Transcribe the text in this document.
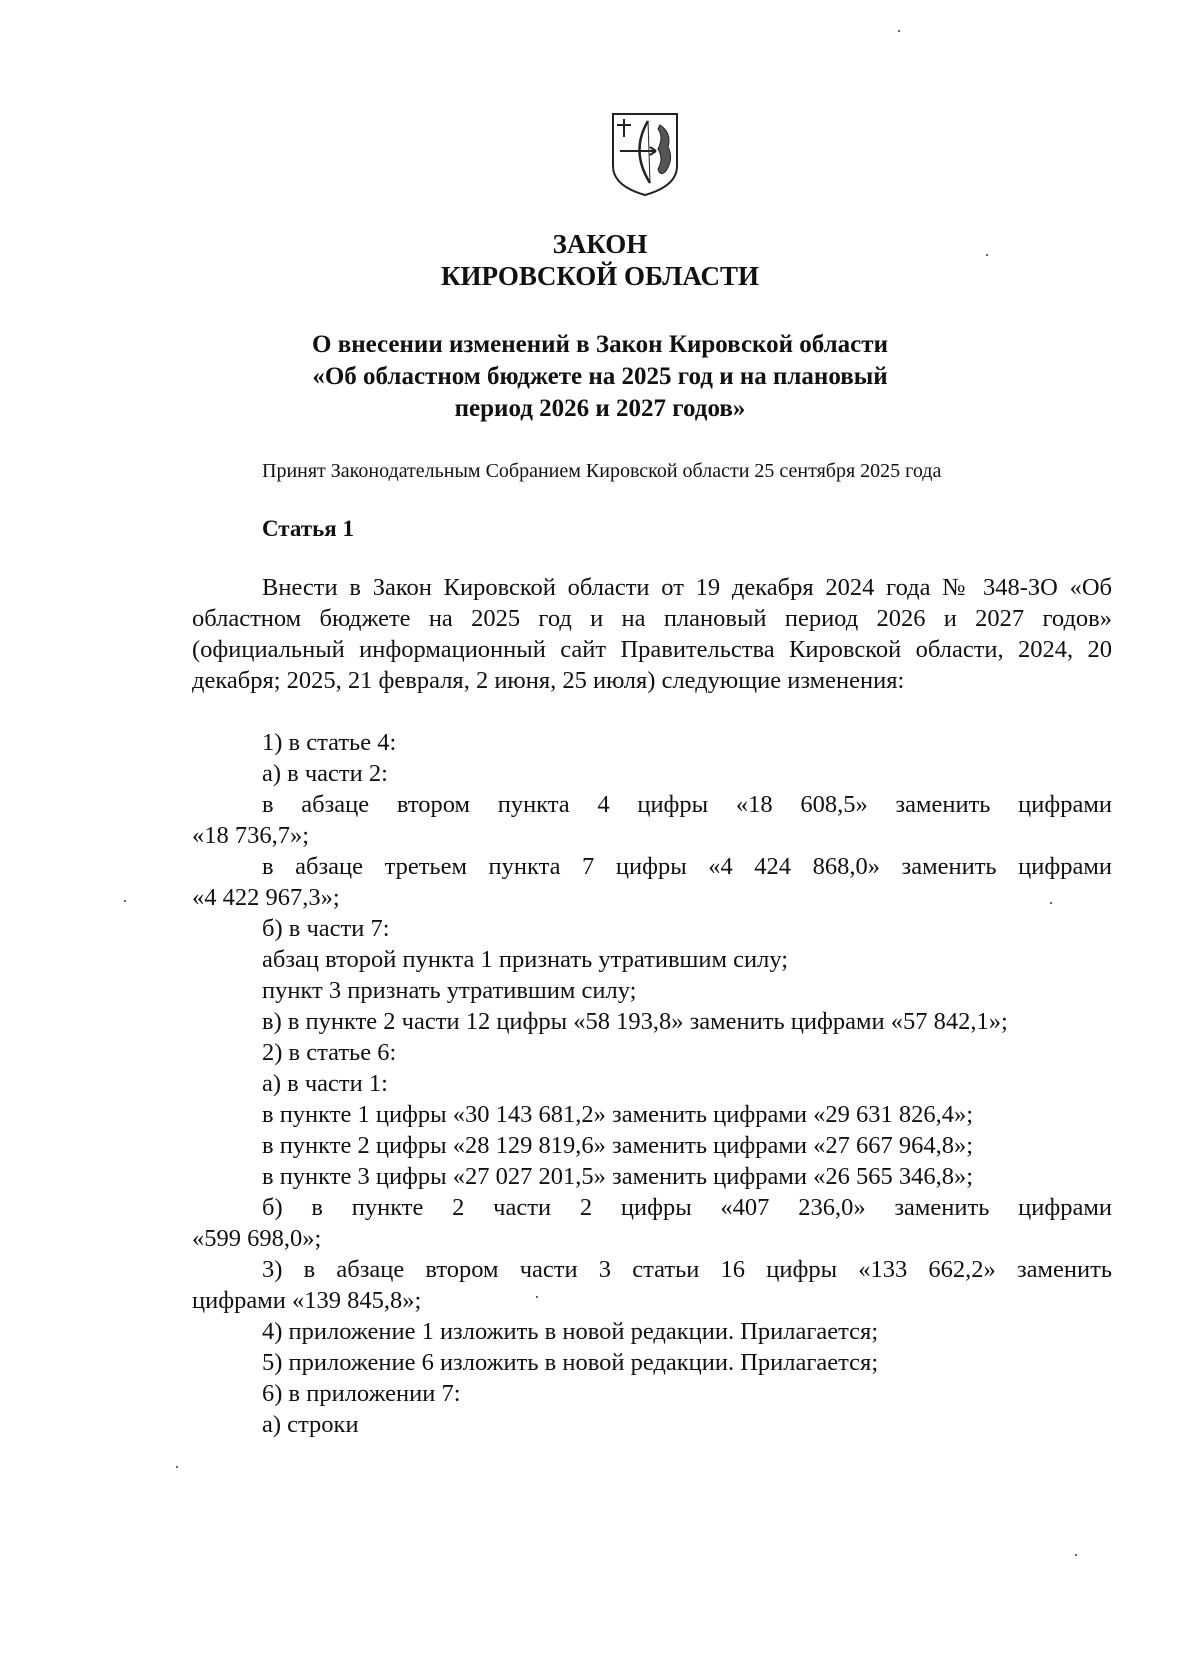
ЗАКОН
КИРОВСКОЙ ОБЛАСТИ
О внесении изменений в Закон Кировской области
«Об областном бюджете на 2025 год и на плановый
период 2026 и 2027 годов»
Принят Законодательным Собранием Кировской области 25 сентября 2025 года
Статья 1
Внести в Закон Кировской области от 19 декабря 2024 года № 348-ЗО «Об областном бюджете на 2025 год и на плановый период 2026 и 2027 годов» (официальный информационный сайт Правительства Кировской области, 2024, 20 декабря; 2025, 21 февраля, 2 июня, 25 июля) следующие изменения:
1) в статье 4:
а) в части 2:
в абзаце втором пункта 4 цифры «18 608,5» заменить цифрами
«18 736,7»;
в абзаце третьем пункта 7 цифры «4 424 868,0» заменить цифрами
«4 422 967,3»;
б) в части 7:
абзац второй пункта 1 признать утратившим силу;
пункт 3 признать утратившим силу;
в) в пункте 2 части 12 цифры «58 193,8» заменить цифрами «57 842,1»;
2) в статье 6:
а) в части 1:
в пункте 1 цифры «30 143 681,2» заменить цифрами «29 631 826,4»;
в пункте 2 цифры «28 129 819,6» заменить цифрами «27 667 964,8»;
в пункте 3 цифры «27 027 201,5» заменить цифрами «26 565 346,8»;
б) в пункте 2 части 2 цифры «407 236,0» заменить цифрами
«599 698,0»;
3) в абзаце втором части 3 статьи 16 цифры «133 662,2» заменить
цифрами «139 845,8»;
4) приложение 1 изложить в новой редакции. Прилагается;
5) приложение 6 изложить в новой редакции. Прилагается;
6) в приложении 7:
а) строки
